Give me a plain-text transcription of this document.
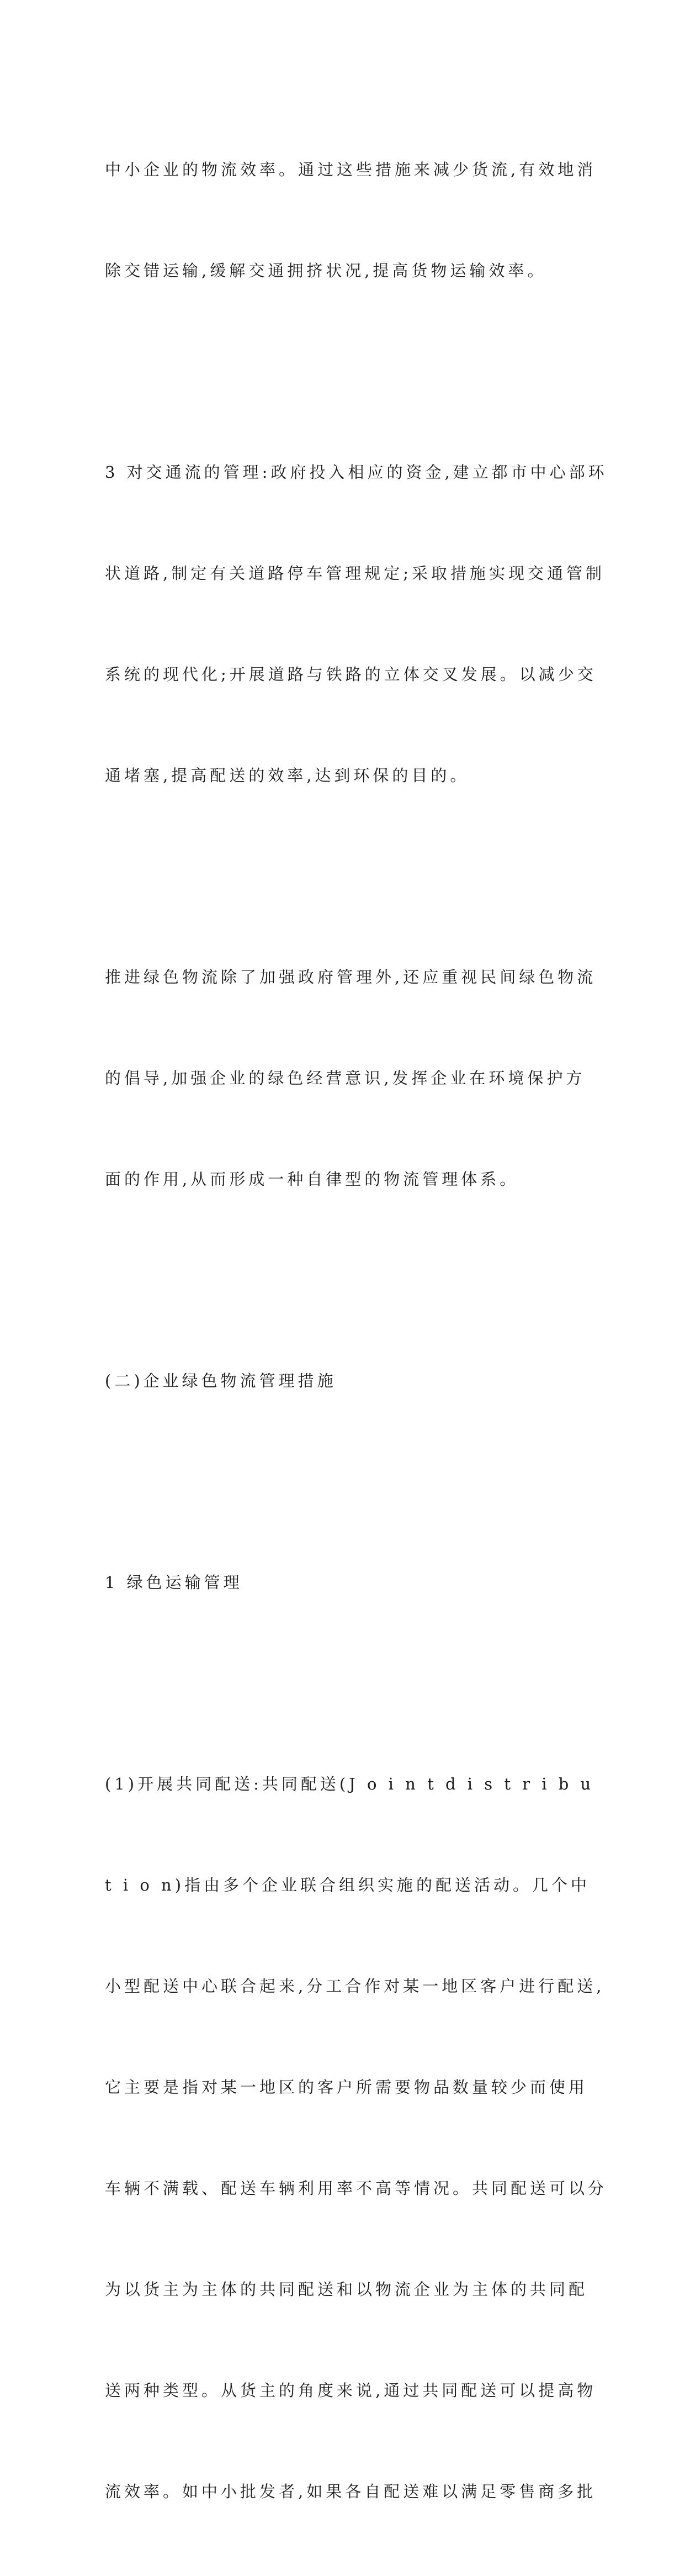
中小企业的物流效率。通过这些措施来减少货流,有效地消

除交错运输,缓解交通拥挤状况,提高货物运输效率。

3 对交通流的管理:政府投入相应的资金,建立都市中心部环

状道路,制定有关道路停车管理规定;采取措施实现交通管制

系统的现代化;开展道路与铁路的立体交叉发展。以减少交

通堵塞,提高配送的效率,达到环保的目的。

推进绿色物流除了加强政府管理外,还应重视民间绿色物流

的倡导,加强企业的绿色经营意识,发挥企业在环境保护方

面的作用,从而形成一种自律型的物流管理体系。

(二)企业绿色物流管理措施

1 绿色运输管理

(1)开展共同配送:共同配送(J o i n t d i s t r i b u

t i o n)指由多个企业联合组织实施的配送活动。几个中

小型配送中心联合起来,分工合作对某一地区客户进行配送,

它主要是指对某一地区的客户所需要物品数量较少而使用

车辆不满载、配送车辆利用率不高等情况。共同配送可以分

为以货主为主体的共同配送和以物流企业为主体的共同配

送两种类型。从货主的角度来说,通过共同配送可以提高物

流效率。如中小批发者,如果各自配送难以满足零售商多批
